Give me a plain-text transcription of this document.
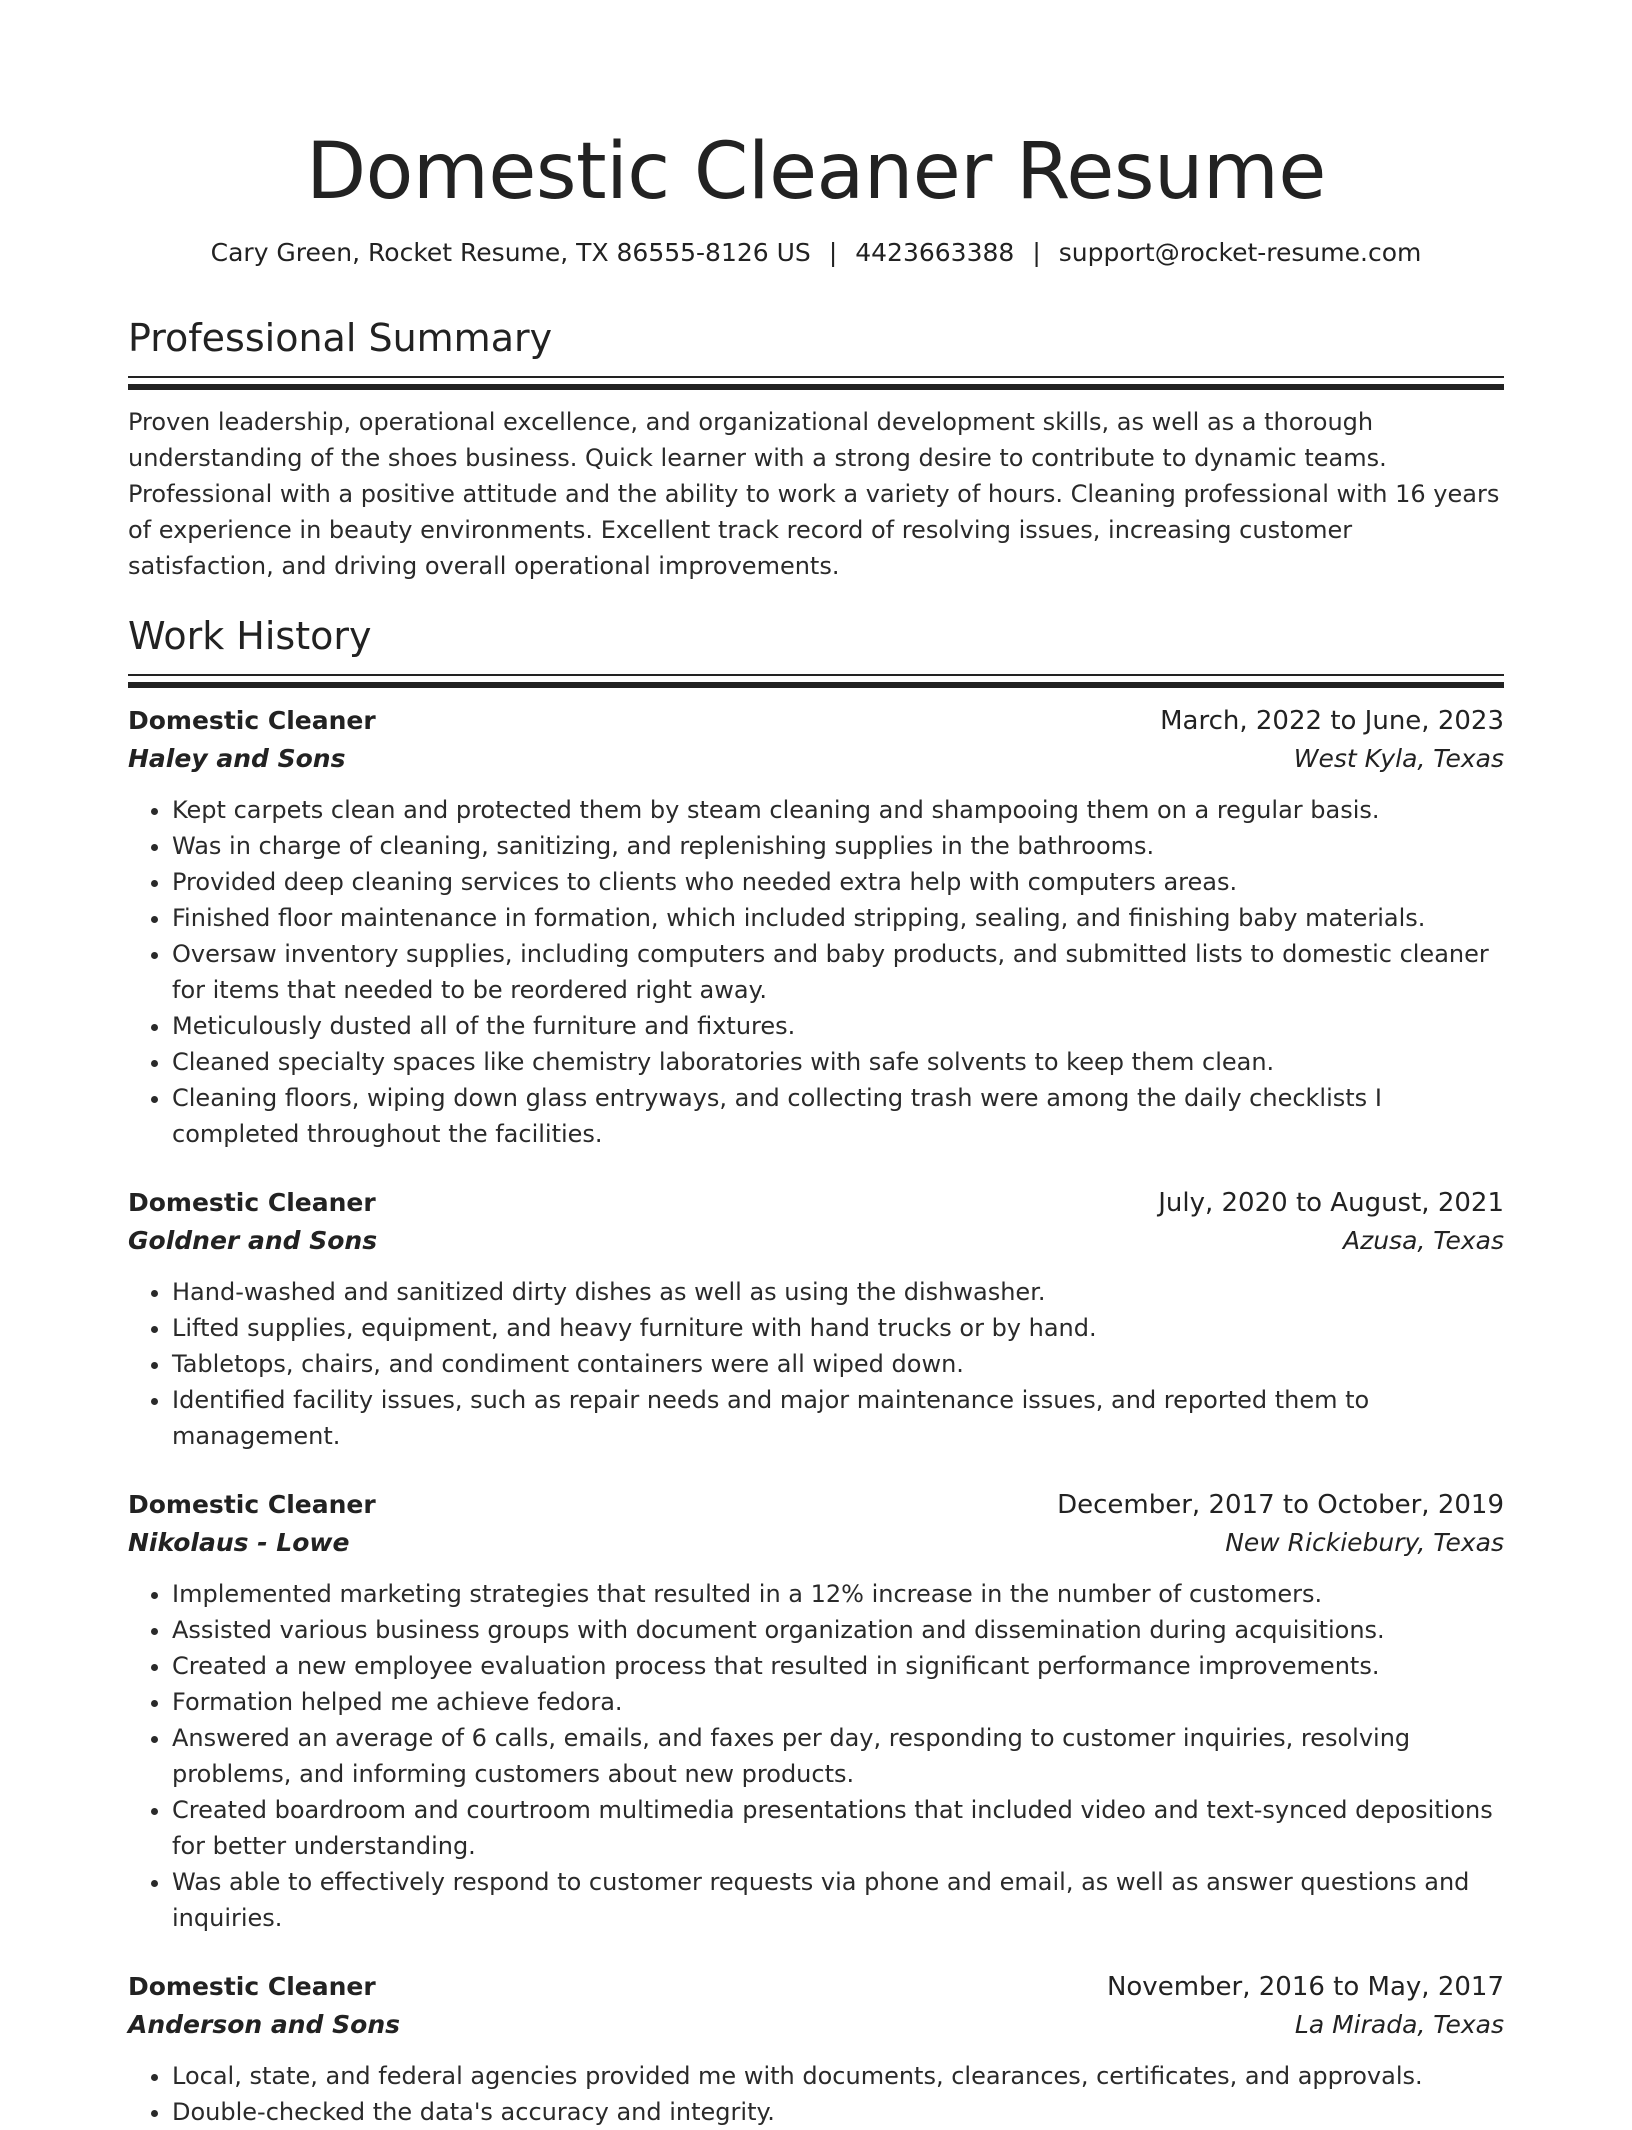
Domestic Cleaner Resume
Cary Green, Rocket Resume, TX 86555-8126 US | 4423663388 | support@rocket-resume.com
Professional Summary

Proven leadership, operational excellence, and organizational development skills, as well as a thorough understanding of the shoes business. Quick learner with a strong desire to contribute to dynamic teams. Professional with a positive attitude and the ability to work a variety of hours. Cleaning professional with 16 years of experience in beauty environments. Excellent track record of resolving issues, increasing customer satisfaction, and driving overall operational improvements.

Work History
Domestic Cleaner	March, 2022 to June, 2023
Haley and Sons	West Kyla, Texas
• Kept carpets clean and protected them by steam cleaning and shampooing them on a regular basis.
• Was in charge of cleaning, sanitizing, and replenishing supplies in the bathrooms.
• Provided deep cleaning services to clients who needed extra help with computers areas.
• Finished floor maintenance in formation, which included stripping, sealing, and finishing baby materials.
• Oversaw inventory supplies, including computers and baby products, and submitted lists to domestic cleaner for items that needed to be reordered right away.
• Meticulously dusted all of the furniture and fixtures.
• Cleaned specialty spaces like chemistry laboratories with safe solvents to keep them clean.
• Cleaning floors, wiping down glass entryways, and collecting trash were among the daily checklists I completed throughout the facilities.
Domestic Cleaner	July, 2020 to August, 2021
Goldner and Sons	Azusa, Texas
• Hand-washed and sanitized dirty dishes as well as using the dishwasher.
• Lifted supplies, equipment, and heavy furniture with hand trucks or by hand.
• Tabletops, chairs, and condiment containers were all wiped down.
• Identified facility issues, such as repair needs and major maintenance issues, and reported them to management.
Domestic Cleaner	December, 2017 to October, 2019
Nikolaus - Lowe	New Rickiebury, Texas
• Implemented marketing strategies that resulted in a 12% increase in the number of customers.
• Assisted various business groups with document organization and dissemination during acquisitions.
• Created a new employee evaluation process that resulted in significant performance improvements.
• Formation helped me achieve fedora.
• Answered an average of 6 calls, emails, and faxes per day, responding to customer inquiries, resolving problems, and informing customers about new products.
• Created boardroom and courtroom multimedia presentations that included video and text-synced depositions for better understanding.
• Was able to effectively respond to customer requests via phone and email, as well as answer questions and inquiries.
Domestic Cleaner	November, 2016 to May, 2017
Anderson and Sons	La Mirada, Texas
• Local, state, and federal agencies provided me with documents, clearances, certificates, and approvals.
• Double-checked the data's accuracy and integrity.
